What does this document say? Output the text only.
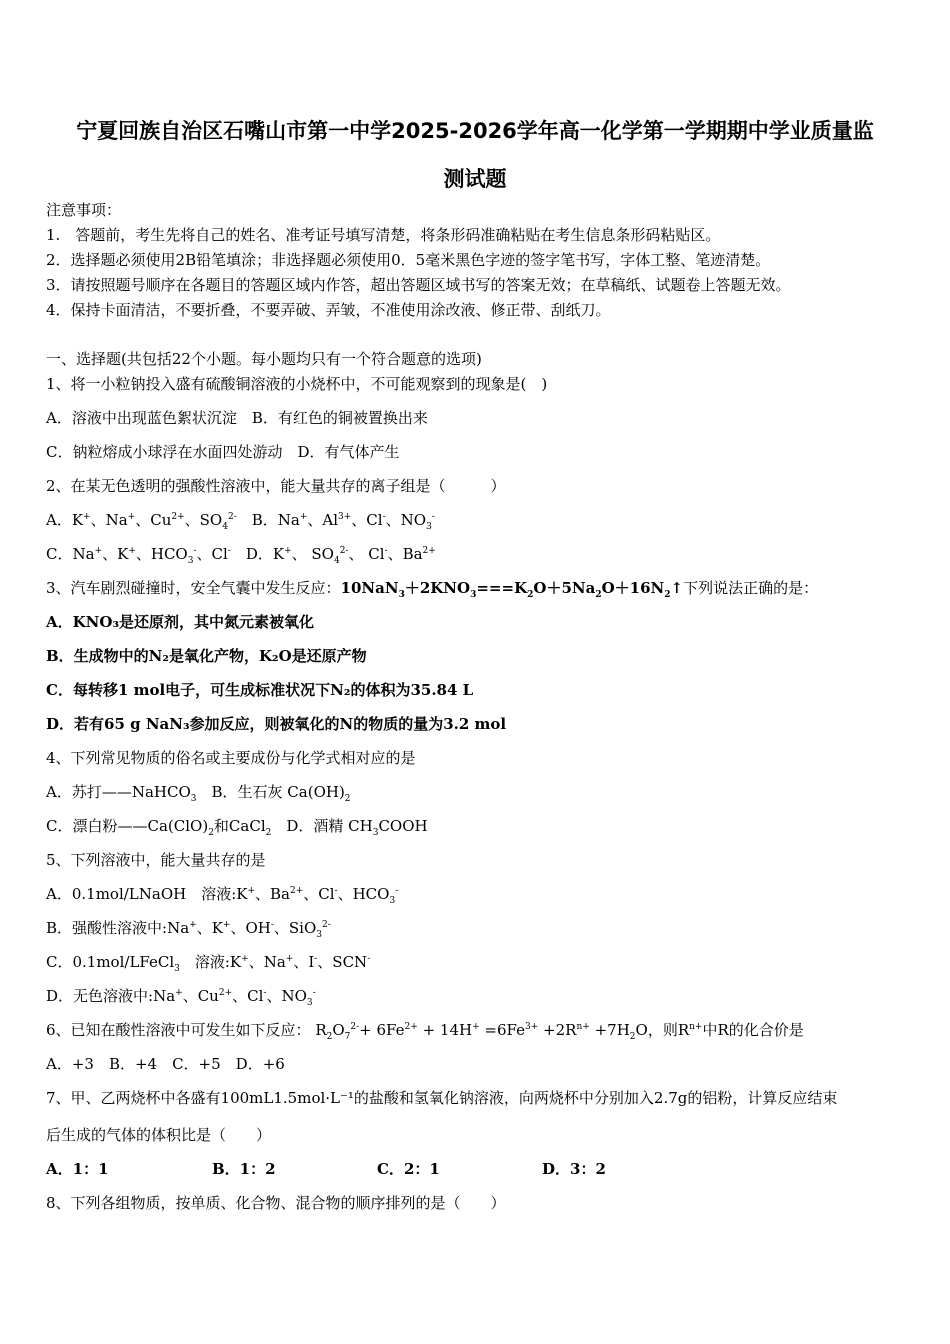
宁夏回族自治区石嘴山市第一中学2025-2026学年高一化学第一学期期中学业质量监
测试题
注意事项：
1.　答题前，考生先将自己的姓名、准考证号填写清楚，将条形码准确粘贴在考生信息条形码粘贴区。
2．选择题必须使用2B铅笔填涂；非选择题必须使用0．5毫米黑色字迹的签字笔书写，字体工整、笔迹清楚。
3．请按照题号顺序在各题目的答题区域内作答，超出答题区域书写的答案无效；在草稿纸、试题卷上答题无效。
4．保持卡面清洁，不要折叠，不要弄破、弄皱，不准使用涂改液、修正带、刮纸刀。
一、选择题(共包括22个小题。每小题均只有一个符合题意的选项)
1、将一小粒钠投入盛有硫酸铜溶液的小烧杯中，不可能观察到的现象是(　)
A．溶液中出现蓝色絮状沉淀　B．有红色的铜被置换出来
C．钠粒熔成小球浮在水面四处游动　D．有气体产生
2、在某无色透明的强酸性溶液中，能大量共存的离子组是（　　　）
A．K+、Na+、$Cu^{2+}$、$SO_4^{2-}$　B．Na+、$Al^{3+}$、Cl-、$NO_3^-$
C．Na+、K+、$HCO_3^-$、Cl-　D．K+、 $SO_4^{2-}$、 Cl-、$Ba^{2+}$
3、汽车剧烈碰撞时，安全气囊中发生反应：$10NaN_3+2KNO_3===K_2O+5Na_2O+16N_2↑$下列说法正确的是：
A．KNO₃是还原剂，其中氮元素被氧化
B．生成物中的N₂是氧化产物，K₂O是还原产物
C．每转移1 mol电子，可生成标准状况下N₂的体积为35.84 L
D．若有65 g NaN₃参加反应，则被氧化的N的物质的量为3.2 mol
4、下列常见物质的俗名或主要成份与化学式相对应的是
A．苏打——NaHCO$_3$　B．生石灰 $Ca(OH)_2$
C．漂白粉$——Ca(ClO)_2$和CaCl$_2$　D．酒精 $CH_3COOH$
5、下列溶液中，能大量共存的是
A．0.1mol/LNaOH　溶液:K+、$Ba^{2+}$、Cl-、$HCO_3^-$
B．强酸性溶液中:Na+、K+、OH-、SiO$_3^{2-}$
C．0.1mol/LFeCl$_3$　溶液:K+、Na+、I-、SCN-
D．无色溶液中:Na+、$Cu^{2+}$、Cl-、$NO_3^-$
6、已知在酸性溶液中可发生如下反应： $R_2O_7^{2-}+ 6Fe^{2+} + 14H^+ =6Fe^{3+} +2R^{n+} +7H_2O$，则$R^{n+}$中R的化合价是
A．+3　B．+4　C．+5　D．+6
7、甲、乙两烧杯中各盛有100mL1.5mol·L⁻¹的盐酸和氢氧化钠溶液，向两烧杯中分别加入2.7g的铝粉，计算反应结束
后生成的气体的体积比是（　　）
A．1：1	B．1：2	C．2：1	D．3：2
8、下列各组物质，按单质、化合物、混合物的顺序排列的是（　　）
